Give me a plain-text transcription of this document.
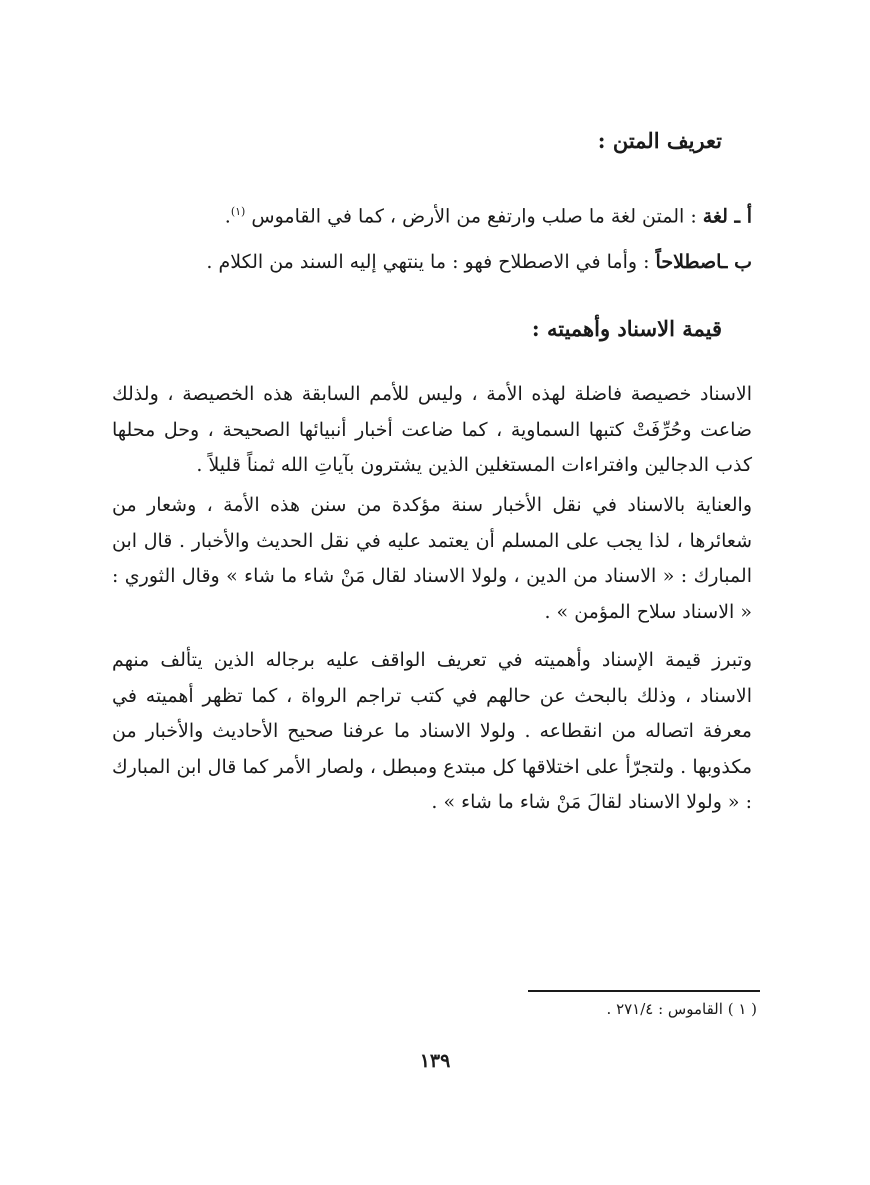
تعريف المتن :
أ ـ لغة : المتن لغة ما صلب وارتفع من الأرض ، كما في القاموس $^{(١)}$.
ب ـاصطلاحاً : وأما في الاصطلاح فهو : ما ينتهي إليه السند من الكلام .
قيمة الاسناد وأهميته :

الاسناد خصيصة فاضلة لهذه الأمة ، وليس للأمم السابقة هذه الخصيصة ، ولذلك ضاعت وحُرِّفَتْ كتبها السماوية ، كما ضاعت أخبار أنبيائها الصحيحة ، وحل محلها كذب الدجالين وافتراءات المستغلين الذين يشترون بآياتِ الله ثمناً قليلاً .

والعناية بالاسناد في نقل الأخبار سنة مؤكدة من سنن هذه الأمة ، وشعار من شعائرها ، لذا يجب على المسلم أن يعتمد عليه في نقل الحديث والأخبار . قال ابن المبارك : « الاسناد من الدين ، ولولا الاسناد لقال مَنْ شاء ما شاء » وقال الثوري : « الاسناد سلاح المؤمن » .

وتبرز قيمة الإسناد وأهميته في تعريف الواقف عليه برجاله الذين يتألف منهم الاسناد ، وذلك بالبحث عن حالهم في كتب تراجم الرواة ، كما تظهر أهميته في معرفة اتصاله من انقطاعه . ولولا الاسناد ما عرفنا صحيح الأحاديث والأخبار من مكذوبها . ولتجرّأ على اختلاقها كل مبتدع ومبطل ، ولصار الأمر كما قال ابن المبارك : « ولولا الاسناد لقالَ مَنْ شاء ما شاء » .

( ١ ) القاموس : ٢٧١/٤ .
١٣٩
